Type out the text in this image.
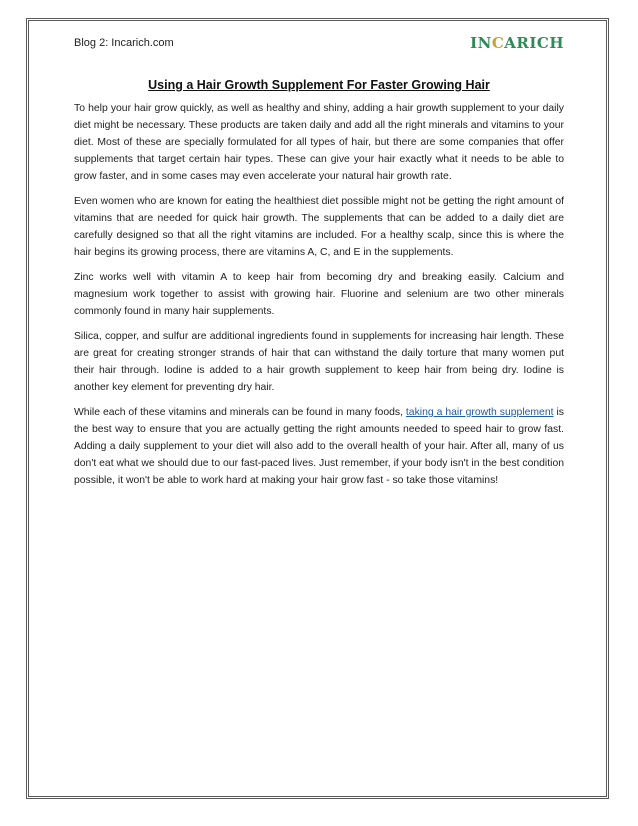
Blog 2: Incarich.com	INCARICH
Using a Hair Growth Supplement For Faster Growing Hair

To help your hair grow quickly, as well as healthy and shiny, adding a hair growth supplement to your daily diet might be necessary. These products are taken daily and add all the right minerals and vitamins to your diet. Most of these are specially formulated for all types of hair, but there are some companies that offer supplements that target certain hair types. These can give your hair exactly what it needs to be able to grow faster, and in some cases may even accelerate your natural hair growth rate.

Even women who are known for eating the healthiest diet possible might not be getting the right amount of vitamins that are needed for quick hair growth. The supplements that can be added to a daily diet are carefully designed so that all the right vitamins are included. For a healthy scalp, since this is where the hair begins its growing process, there are vitamins A, C, and E in the supplements.

Zinc works well with vitamin A to keep hair from becoming dry and breaking easily. Calcium and magnesium work together to assist with growing hair. Fluorine and selenium are two other minerals commonly found in many hair supplements.

Silica, copper, and sulfur are additional ingredients found in supplements for increasing hair length. These are great for creating stronger strands of hair that can withstand the daily torture that many women put their hair through. Iodine is added to a hair growth supplement to keep hair from being dry. Iodine is another key element for preventing dry hair.

While each of these vitamins and minerals can be found in many foods, taking a hair growth supplement is the best way to ensure that you are actually getting the right amounts needed to speed hair to grow fast. Adding a daily supplement to your diet will also add to the overall health of your hair. After all, many of us don't eat what we should due to our fast-paced lives. Just remember, if your body isn't in the best condition possible, it won't be able to work hard at making your hair grow fast - so take those vitamins!
